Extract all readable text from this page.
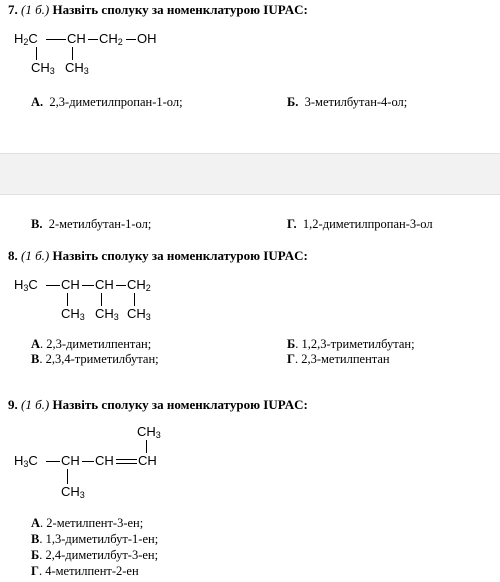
7. (1 б.) Назвіть сполуку за номенклатурою IUPAC:
$H_2C$ CH $CH_2$ OH
$CH_3$ $CH_3$
А. 2,3-диметилпропан-1-ол;	Б. 3-метилбутан-4-ол;
В. 2-метилбутан-1-ол;	Г. 1,2-диметилпропан-3-ол
8. (1 б.) Назвіть сполуку за номенклатурою IUPAC:
$H_3C$ CH CH $CH_2$
$CH_3$ $CH_3$ $CH_3$
А. 2,3-диметилпентан;	Б. 1,2,3-триметилбутан;
В. 2,3,4-триметилбутан;	Г. 2,3-метилпентан
9. (1 б.) Назвіть сполуку за номенклатурою IUPAC:
$CH_3$
$H_3C$ CH CH CH
$CH_3$
А. 2-метилпент-3-ен;
В. 1,3-диметилбут-1-ен;
Б. 2,4-диметилбут-3-ен;
Г. 4-метилпент-2-ен
